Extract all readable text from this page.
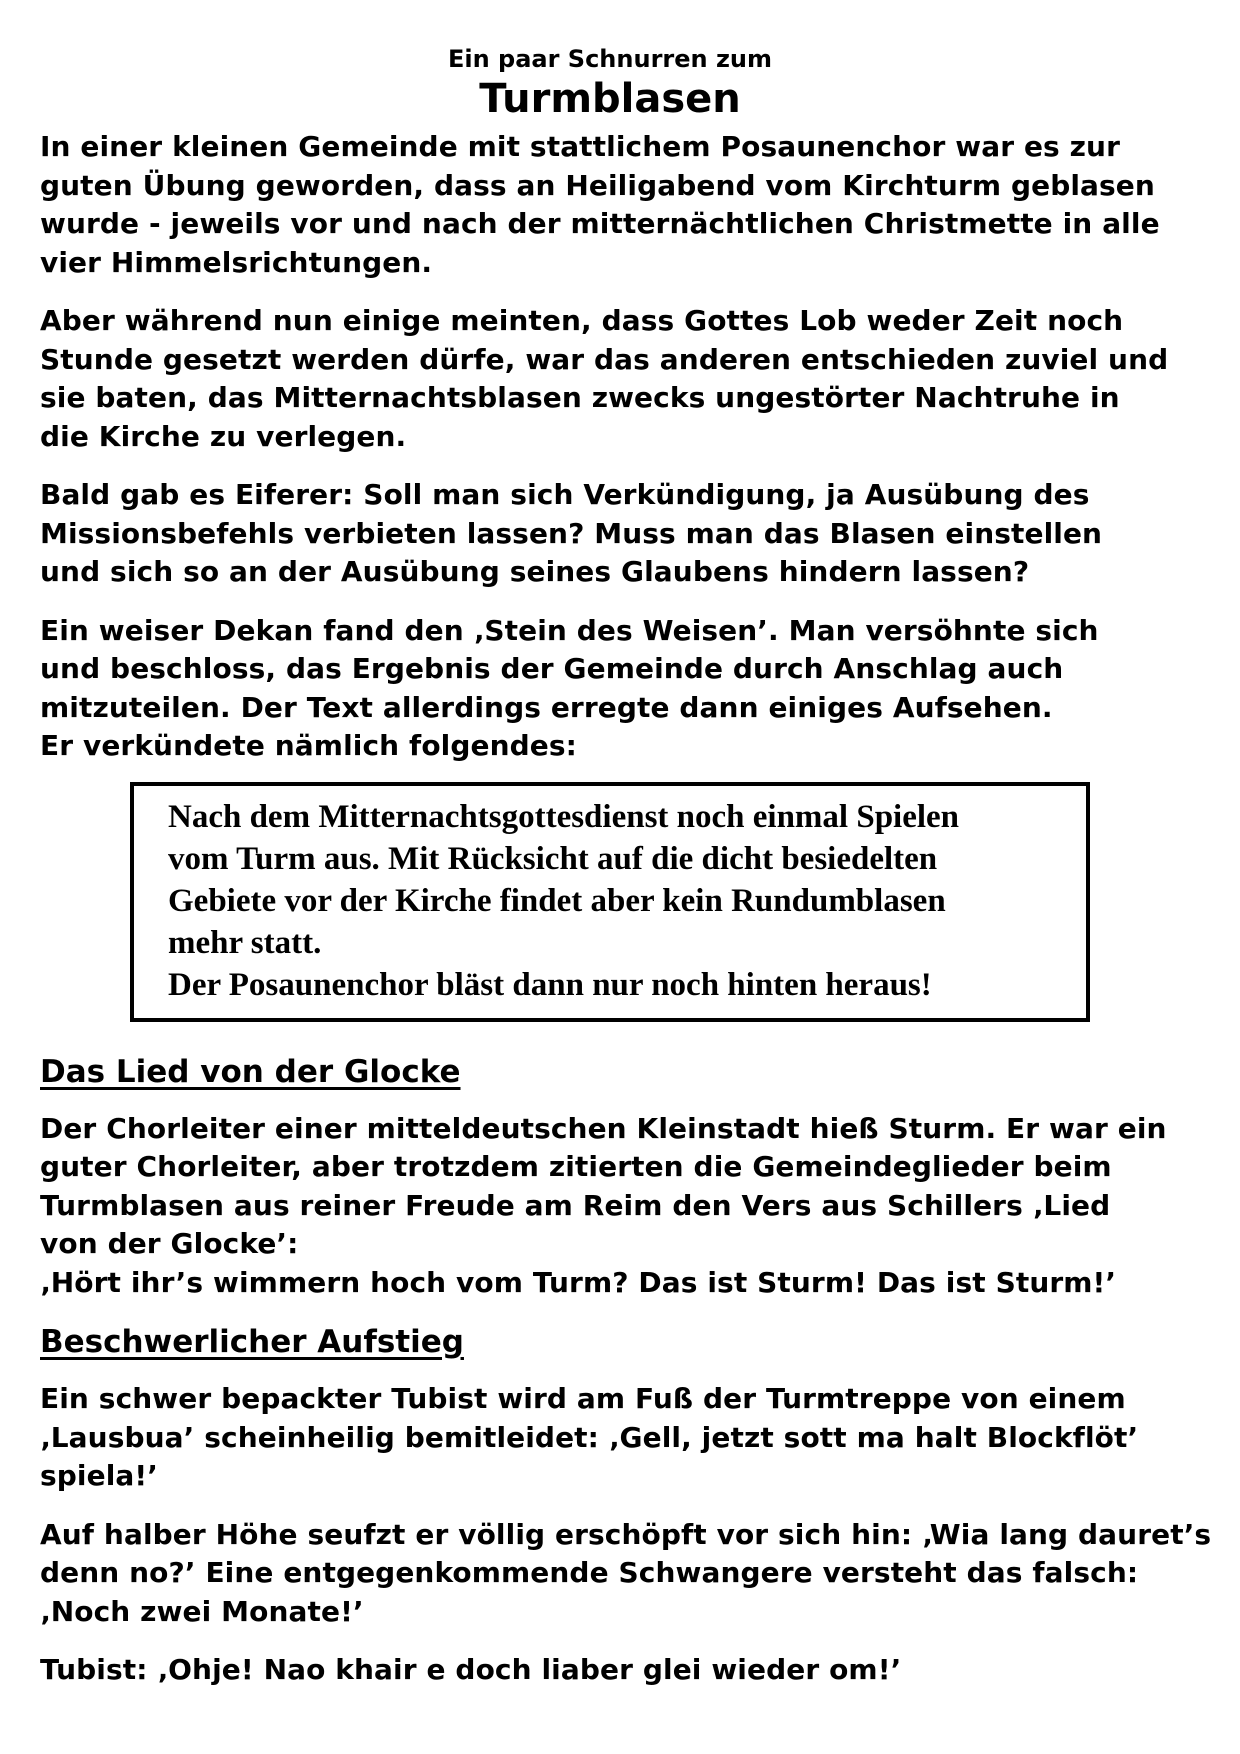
Ein paar Schnurren zum
Turmblasen
In einer kleinen Gemeinde mit stattlichem Posaunenchor war es zur
guten Übung geworden, dass an Heiligabend vom Kirchturm geblasen
wurde - jeweils vor und nach der mitternächtlichen Christmette in alle
vier Himmelsrichtungen.
Aber während nun einige meinten, dass Gottes Lob weder Zeit noch
Stunde gesetzt werden dürfe, war das anderen entschieden zuviel und
sie baten, das Mitternachtsblasen zwecks ungestörter Nachtruhe in
die Kirche zu verlegen.
Bald gab es Eiferer: Soll man sich Verkündigung, ja Ausübung des
Missionsbefehls verbieten lassen? Muss man das Blasen einstellen
und sich so an der Ausübung seines Glaubens hindern lassen?
Ein weiser Dekan fand den ‚Stein des Weisen’. Man versöhnte sich
und beschloss, das Ergebnis der Gemeinde durch Anschlag auch
mitzuteilen. Der Text allerdings erregte dann einiges Aufsehen.
Er verkündete nämlich folgendes:
Nach dem Mitternachtsgottesdienst noch einmal Spielen
vom Turm aus. Mit Rücksicht auf die dicht besiedelten
Gebiete vor der Kirche findet aber kein Rundumblasen
mehr statt.
Der Posaunenchor bläst dann nur noch hinten heraus!
Das Lied von der Glocke
Der Chorleiter einer mitteldeutschen Kleinstadt hieß Sturm. Er war ein
guter Chorleiter, aber trotzdem zitierten die Gemeindeglieder beim
Turmblasen aus reiner Freude am Reim den Vers aus Schillers ‚Lied
von der Glocke’:
‚Hört ihr’s wimmern hoch vom Turm? Das ist Sturm! Das ist Sturm!’
Beschwerlicher Aufstieg
Ein schwer bepackter Tubist wird am Fuß der Turmtreppe von einem
‚Lausbua’ scheinheilig bemitleidet: ‚Gell, jetzt sott ma halt Blockflöt’
spiela!’
Auf halber Höhe seufzt er völlig erschöpft vor sich hin: ‚Wia lang dauret’s
denn no?’ Eine entgegenkommende Schwangere versteht das falsch:
‚Noch zwei Monate!’
Tubist: ‚Ohje! Nao khair e doch liaber glei wieder om!’
